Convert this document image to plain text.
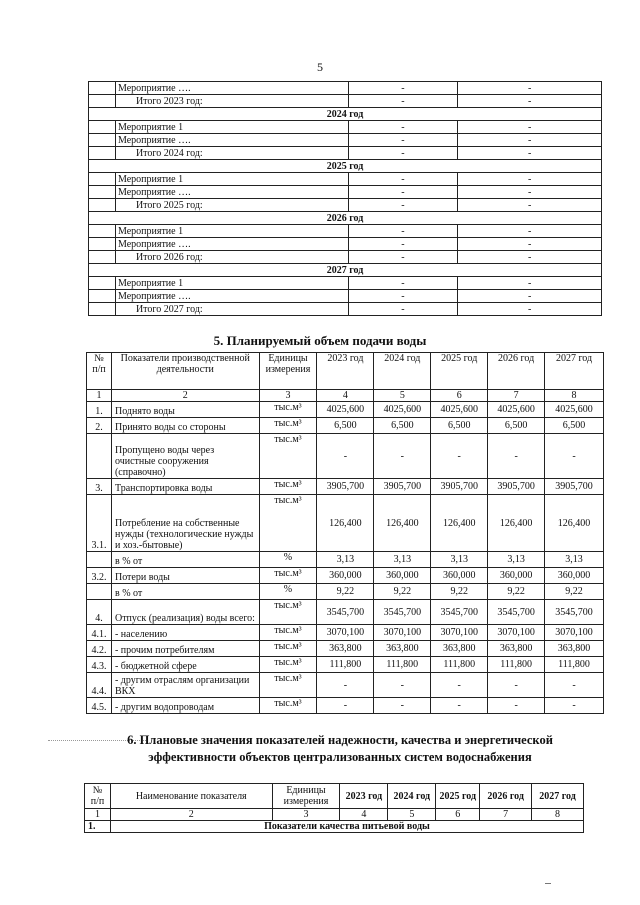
5
	Мероприятие ….	-	-
	Итого 2023 год:	-	-
2024 год			
	Мероприятие 1	-	-
	Мероприятие ….	-	-
	Итого 2024 год:	-	-
2025 год			
	Мероприятие 1	-	-
	Мероприятие ….	-	-
	Итого 2025 год:	-	-
2026 год			
	Мероприятие 1	-	-
	Мероприятие ….	-	-
	Итого 2026 год:	-	-
2027 год			
	Мероприятие 1	-	-
	Мероприятие ….	-	-
	Итого 2027 год:	-	-
5. Планируемый объем подачи воды
№ п/п	Показатели производственной деятельности	Единицы измерения	2023 год	2024 год	2025 год	2026 год	2027 год
1	2	3	4	5	6	7	8
1.	Поднято воды	тыс.м³	4025,600	4025,600	4025,600	4025,600	4025,600
2.	Принято воды со стороны	тыс.м³	6,500	6,500	6,500	6,500	6,500
	Пропущено воды через очистные сооружения (справочно)	тыс.м³	-	-	-	-	-
3.	Транспортировка воды	тыс.м³	3905,700	3905,700	3905,700	3905,700	3905,700
3.1.	Потребление на собственные нужды (технологические нужды и хоз.-бытовые)	тыс.м³	126,400	126,400	126,400	126,400	126,400
	в % от	%	3,13	3,13	3,13	3,13	3,13
3.2.	Потери воды	тыс.м³	360,000	360,000	360,000	360,000	360,000
	в % от	%	9,22	9,22	9,22	9,22	9,22
4.	Отпуск (реализация) воды всего:	тыс.м³	3545,700	3545,700	3545,700	3545,700	3545,700
4.1.	- населению	тыс.м³	3070,100	3070,100	3070,100	3070,100	3070,100
4.2.	- прочим потребителям	тыс.м³	363,800	363,800	363,800	363,800	363,800
4.3.	- бюджетной сфере	тыс.м³	111,800	111,800	111,800	111,800	111,800
4.4.	- другим отраслям организации ВКХ	тыс.м³	-	-	-	-	-
4.5.	- другим водопроводам	тыс.м³	-	-	-	-	-
6. Плановые значения показателей надежности, качества и энергетической эффективности объектов централизованных систем водоснабжения
№ п/п	Наименование показателя	Единицы измерения	2023 год	2024 год	2025 год	2026 год	2027 год
1	2	3	4	5	6	7	8
1.	Показатели качества питьевой воды						
